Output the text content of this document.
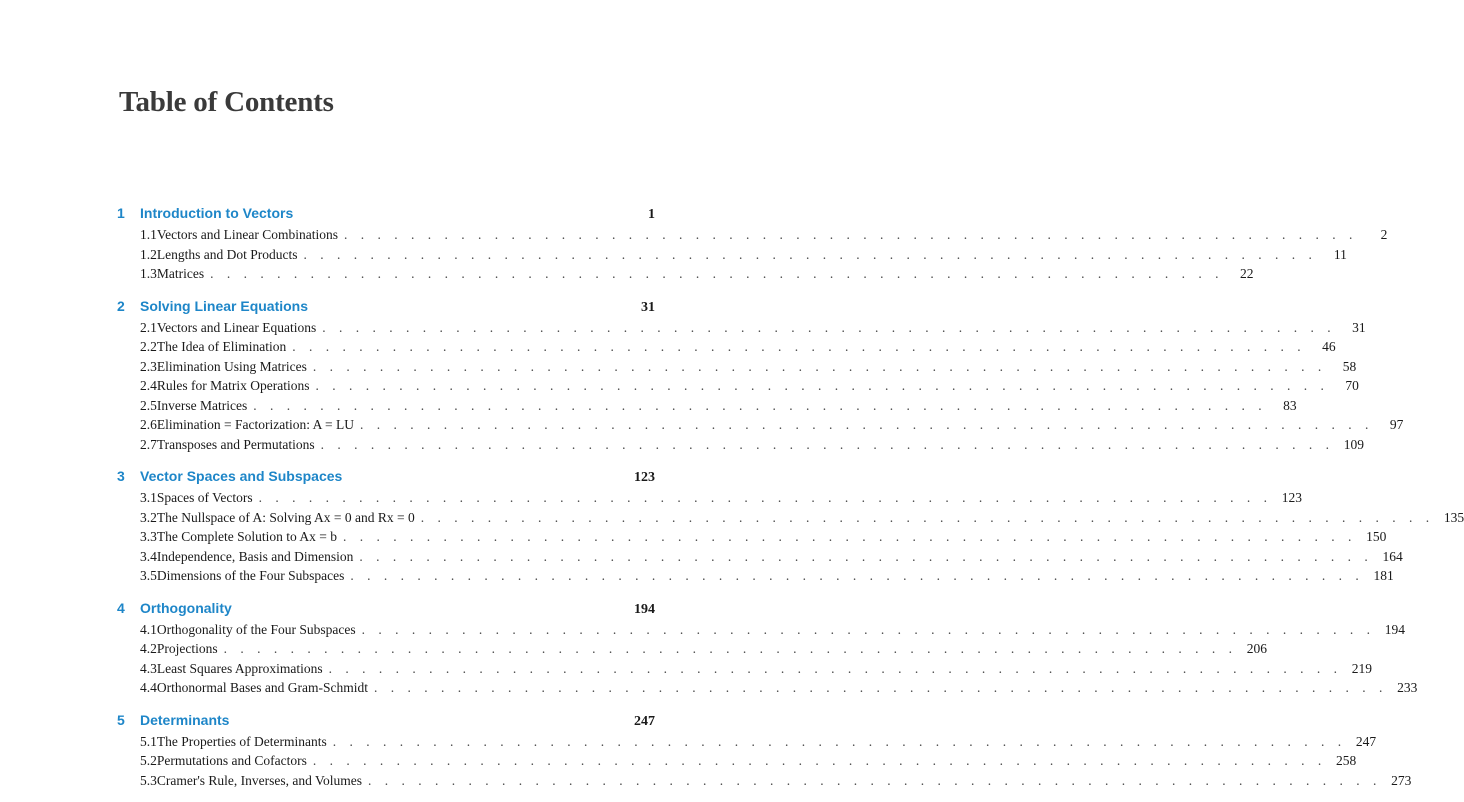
Table of Contents
1	Introduction to Vectors	1
1.1 Vectors and Linear Combinations . . . . . . . . . . . . . . . . . . . . . . . . . . . . . . . . . . . . . . . . . . . . . . . . . . . . . . . . . . . . .	2
1.2 Lengths and Dot Products . . . . . . . . . . . . . . . . . . . . . . . . . . . . . . . . . . . . . . . . . . . . . . . . . . . . . . . . . . . . .	11
1.3 Matrices . . . . . . . . . . . . . . . . . . . . . . . . . . . . . . . . . . . . . . . . . . . . . . . . . . . . . . . . . . . . .	22
2	Solving Linear Equations	31
2.1 Vectors and Linear Equations . . . . . . . . . . . . . . . . . . . . . . . . . . . . . . . . . . . . . . . . . . . . . . . . . . . . . . . . . . . . .	31
2.2 The Idea of Elimination . . . . . . . . . . . . . . . . . . . . . . . . . . . . . . . . . . . . . . . . . . . . . . . . . . . . . . . . . . . . .	46
2.3 Elimination Using Matrices . . . . . . . . . . . . . . . . . . . . . . . . . . . . . . . . . . . . . . . . . . . . . . . . . . . . . . . . . . . . .	58
2.4 Rules for Matrix Operations . . . . . . . . . . . . . . . . . . . . . . . . . . . . . . . . . . . . . . . . . . . . . . . . . . . . . . . . . . . . .	70
2.5 Inverse Matrices . . . . . . . . . . . . . . . . . . . . . . . . . . . . . . . . . . . . . . . . . . . . . . . . . . . . . . . . . . . . .	83
2.6 Elimination = Factorization: A = LU . . . . . . . . . . . . . . . . . . . . . . . . . . . . . . . . . . . . . . . . . . . . . . . . . . . . . . . . . . . . .	97
2.7 Transposes and Permutations . . . . . . . . . . . . . . . . . . . . . . . . . . . . . . . . . . . . . . . . . . . . . . . . . . . . . . . . . . . . . 109
3	Vector Spaces and Subspaces	123
3.1 Spaces of Vectors . . . . . . . . . . . . . . . . . . . . . . . . . . . . . . . . . . . . . . . . . . . . . . . . . . . . . . . . . . . . . 123
3.2 The Nullspace of A: Solving Ax = 0 and Rx = 0 . . . . . . . . . . . . . . . . . . . . . . . . . . . . . . . . . . . . . . . . . . . . . . . . . . . . . . . . . . . . . 135
3.3 The Complete Solution to Ax = b . . . . . . . . . . . . . . . . . . . . . . . . . . . . . . . . . . . . . . . . . . . . . . . . . . . . . . . . . . . . . 150
3.4 Independence, Basis and Dimension . . . . . . . . . . . . . . . . . . . . . . . . . . . . . . . . . . . . . . . . . . . . . . . . . . . . . . . . . . . . . 164
3.5 Dimensions of the Four Subspaces . . . . . . . . . . . . . . . . . . . . . . . . . . . . . . . . . . . . . . . . . . . . . . . . . . . . . . . . . . . . . 181
4	Orthogonality	194
4.1 Orthogonality of the Four Subspaces . . . . . . . . . . . . . . . . . . . . . . . . . . . . . . . . . . . . . . . . . . . . . . . . . . . . . . . . . . . . . 194
4.2 Projections . . . . . . . . . . . . . . . . . . . . . . . . . . . . . . . . . . . . . . . . . . . . . . . . . . . . . . . . . . . . . 206
4.3 Least Squares Approximations . . . . . . . . . . . . . . . . . . . . . . . . . . . . . . . . . . . . . . . . . . . . . . . . . . . . . . . . . . . . . 219
4.4 Orthonormal Bases and Gram-Schmidt . . . . . . . . . . . . . . . . . . . . . . . . . . . . . . . . . . . . . . . . . . . . . . . . . . . . . . . . . . . . . 233
5	Determinants	247
5.1 The Properties of Determinants . . . . . . . . . . . . . . . . . . . . . . . . . . . . . . . . . . . . . . . . . . . . . . . . . . . . . . . . . . . . . 247
5.2 Permutations and Cofactors . . . . . . . . . . . . . . . . . . . . . . . . . . . . . . . . . . . . . . . . . . . . . . . . . . . . . . . . . . . . . 258
5.3 Cramer's Rule, Inverses, and Volumes . . . . . . . . . . . . . . . . . . . . . . . . . . . . . . . . . . . . . . . . . . . . . . . . . . . . . . . . . . . . . 273
